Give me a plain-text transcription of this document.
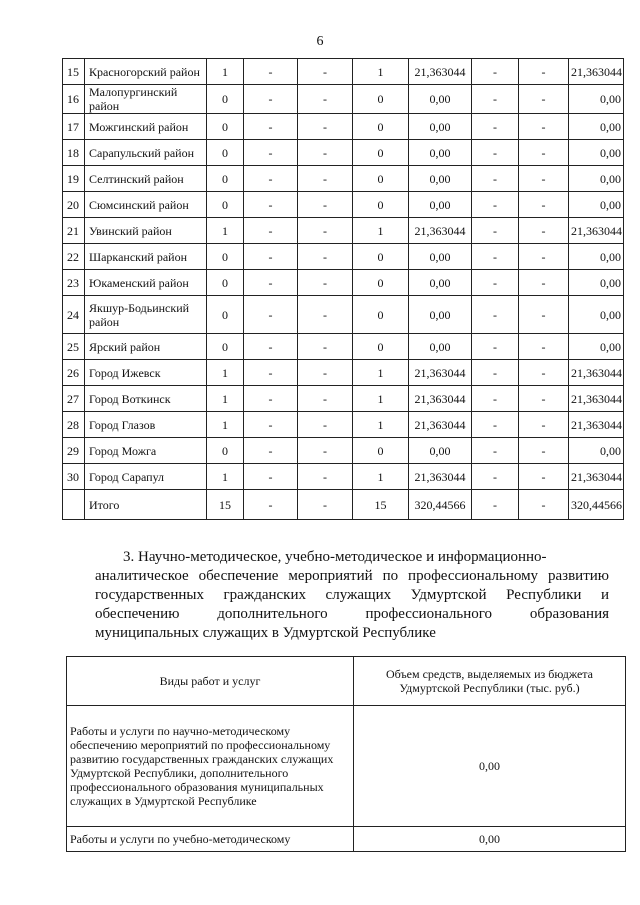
6
15	Красногорский район	1	-	-	1	21,363044	-	-	21,363044
16	Малопургинский район	0	-	-	0	0,00	-	-	0,00
17	Можгинский район	0	-	-	0	0,00	-	-	0,00
18	Сарапульский район	0	-	-	0	0,00	-	-	0,00
19	Селтинский район	0	-	-	0	0,00	-	-	0,00
20	Сюмсинский район	0	-	-	0	0,00	-	-	0,00
21	Увинский район	1	-	-	1	21,363044	-	-	21,363044
22	Шарканский район	0	-	-	0	0,00	-	-	0,00
23	Юкаменский район	0	-	-	0	0,00	-	-	0,00
24	Якшур-Бодьинский район	0	-	-	0	0,00	-	-	0,00
25	Ярский район	0	-	-	0	0,00	-	-	0,00
26	Город Ижевск	1	-	-	1	21,363044	-	-	21,363044
27	Город Воткинск	1	-	-	1	21,363044	-	-	21,363044
28	Город Глазов	1	-	-	1	21,363044	-	-	21,363044
29	Город Можга	0	-	-	0	0,00	-	-	0,00
30	Город Сарапул	1	-	-	1	21,363044	-	-	21,363044
	Итого	15	-	-	15	320,44566	-	-	320,44566
3. Научно-методическое, учебно-методическое и информационно-
аналитическое обеспечение мероприятий по профессиональному развитию государственных гражданских служащих Удмуртской Республики и обеспечению дополнительного профессионального образования муниципальных служащих в Удмуртской Республике
Виды работ и услуг	Объем средств, выделяемых из бюджета Удмуртской Республики (тыс. руб.)
Работы и услуги по научно-методическому обеспечению мероприятий по профессиональному развитию государственных гражданских служащих Удмуртской Республики, дополнительного профессионального образования муниципальных служащих в Удмуртской Республике	0,00
Работы и услуги по учебно-методическому	0,00
